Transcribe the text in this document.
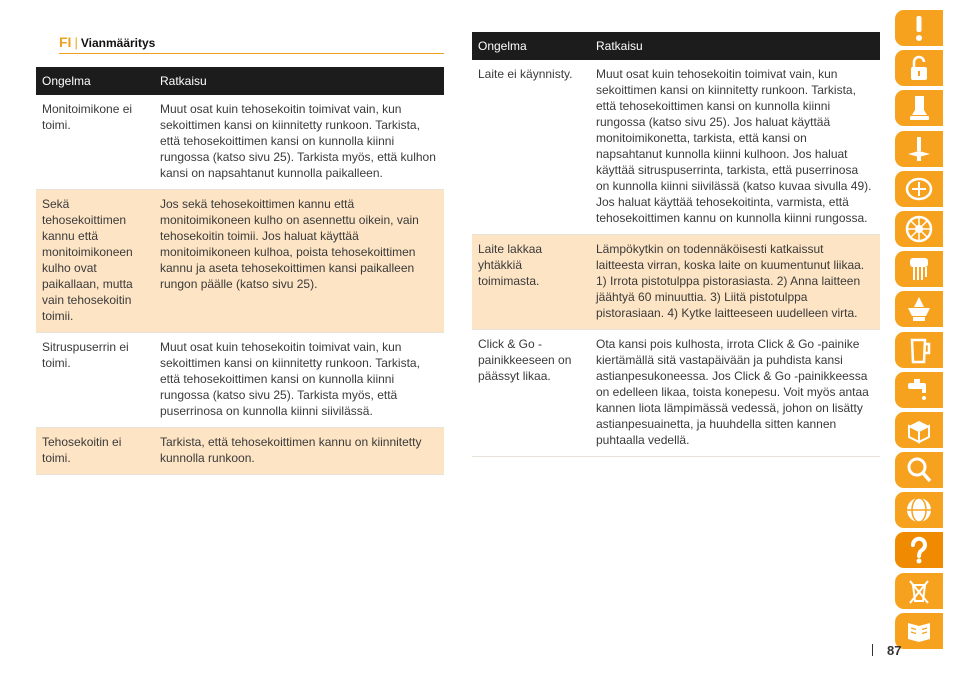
FI | Vianmääritys
Ongelma	Ratkaisu
Monitoimikone ei toimi.	Muut osat kuin tehosekoitin toimivat vain, kun sekoittimen kansi on kiinnitetty runkoon. Tarkista, että tehosekoittimen kansi on kunnolla kiinni rungossa (katso sivu 25). Tarkista myös, että kulhon kansi on napsahtanut kunnolla paikalleen.
Sekä tehosekoittimen kannu että monitoimikoneen kulho ovat paikallaan, mutta vain tehosekoitin toimii.	Jos sekä tehosekoittimen kannu että monitoimikoneen kulho on asennettu oikein, vain tehosekoitin toimii. Jos haluat käyttää monitoimikoneen kulhoa, poista tehosekoittimen kannu ja aseta tehosekoittimen kansi paikalleen rungon päälle (katso sivu 25).
Sitruspuserrin ei toimi.	Muut osat kuin tehosekoitin toimivat vain, kun sekoittimen kansi on kiinnitetty runkoon. Tarkista, että tehosekoittimen kansi on kunnolla kiinni rungossa (katso sivu 25). Tarkista myös, että puserrinosa on kunnolla kiinni siivilässä.
Tehosekoitin ei toimi.	Tarkista, että tehosekoittimen kannu on kiinnitetty kunnolla runkoon.
Ongelma	Ratkaisu
Laite ei käynnisty.	Muut osat kuin tehosekoitin toimivat vain, kun sekoittimen kansi on kiinnitetty runkoon. Tarkista, että tehosekoittimen kansi on kunnolla kiinni rungossa (katso sivu 25). Jos haluat käyttää monitoimikonetta, tarkista, että kansi on napsahtanut kunnolla kiinni kulhoon. Jos haluat käyttää sitruspuserrinta, tarkista, että puserrinosa on kunnolla kiinni siivilässä (katso kuvaa sivulla 49). Jos haluat käyttää tehosekoitinta, varmista, että tehosekoittimen kannu on kunnolla kiinni rungossa.
Laite lakkaa yhtäkkiä toimimasta.	Lämpökytkin on todennäköisesti katkaissut laitteesta virran, koska laite on kuumentunut liikaa. 1) Irrota pistotulppa pistorasiasta. 2) Anna laitteen jäähtyä 60 minuuttia. 3) Liitä pistotulppa pistorasiaan. 4) Kytke laitteeseen uudelleen virta.
Click & Go -painikkeeseen on päässyt likaa.	Ota kansi pois kulhosta, irrota Click & Go -painike kiertämällä sitä vastapäivään ja puhdista kansi astianpesukoneessa. Jos Click & Go -painikkeessa on edelleen likaa, toista konepesu. Voit myös antaa kannen liota lämpimässä vedessä, johon on lisätty astianpesuainetta, ja huuhdella sitten kannen puhtaalla vedellä.
87
